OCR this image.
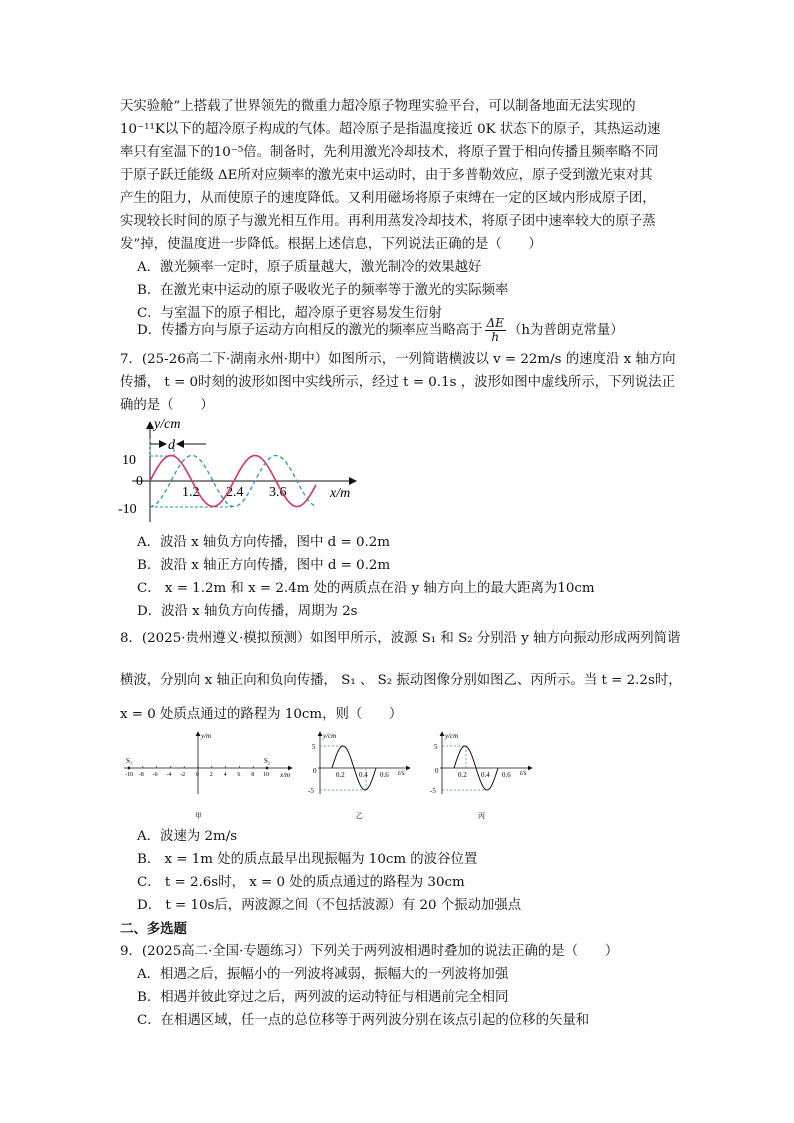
天实验舱”上搭载了世界领先的微重力超冷原子物理实验平台，可以制备地面无法实现的
10⁻¹¹K以下的超冷原子构成的气体。超冷原子是指温度接近 0K 状态下的原子，其热运动速
率只有室温下的10⁻⁵倍。制备时，先利用激光冷却技术，将原子置于相向传播且频率略不同
于原子跃迁能级 ΔE所对应频率的激光束中运动时，由于多普勒效应，原子受到激光束对其
产生的阻力，从而使原子的速度降低。又利用磁场将原子束缚在一定的区域内形成原子团，
实现较长时间的原子与激光相互作用。再利用蒸发冷却技术，将原子团中速率较大的原子蒸
发”掉，使温度进一步降低。根据上述信息，下列说法正确的是（　　）
A．激光频率一定时，原子质量越大，激光制冷的效果越好
B．在激光束中运动的原子吸收光子的频率等于激光的实际频率
C．与室温下的原子相比，超冷原子更容易发生衍射
D．传播方向与原子运动方向相反的激光的频率应当略高于 $\frac{\Delta E}{h} (h$为普朗克常量）
7．(25-26高二下·湖南永州·期中）如图所示，一列简谐横波以 v = 22m/s 的速度沿 x 轴方向
传播， t = 0时刻的波形如图中实线所示，经过 t = 0.1s ，波形如图中虚线所示，下列说法正
确的是（　　）
y/cm
x/m
10
0
-10
1.2 2.4 3.6
d
A．波沿 x 轴负方向传播，图中 d = 0.2m
B．波沿 x 轴正方向传播，图中 d = 0.2m
C． x = 1.2m 和 x = 2.4m 处的两质点在沿 y 轴方向上的最大距离为10cm
D．波沿 x 轴负方向传播，周期为 2s
8．(2025·贵州遵义·模拟预测）如图甲所示，波源 S₁ 和 S₂ 分别沿 y 轴方向振动形成两列简谐
横波，分别向 x 轴正向和负向传播， S₁ 、 S₂ 振动图像分别如图乙、丙所示。当 t = 2.2s时，
x = 0 处质点通过的路程为 10cm，则（　　）
y/m
x/m
S₁	S₂
-10 -8 -6 -4 -2 0 2 4 6 8 10
甲
y/cm
t/s
5
0
-5
0.2 0.4 0.6
乙
y/cm
t/s
5
0
-5
0.2 0.4 0.6
丙
A．波速为 2m/s
B． x = 1m 处的质点最早出现振幅为 10cm 的波谷位置
C． t = 2.6s时， x = 0 处的质点通过的路程为 30cm
D． t = 10s后，两波源之间（不包括波源）有 20 个振动加强点
二、多选题
9．(2025高二·全国·专题练习）下列关于两列波相遇时叠加的说法正确的是（　　）
A．相遇之后，振幅小的一列波将减弱，振幅大的一列波将加强
B．相遇并彼此穿过之后，两列波的运动特征与相遇前完全相同
C．在相遇区域，任一点的总位移等于两列波分别在该点引起的位移的矢量和
